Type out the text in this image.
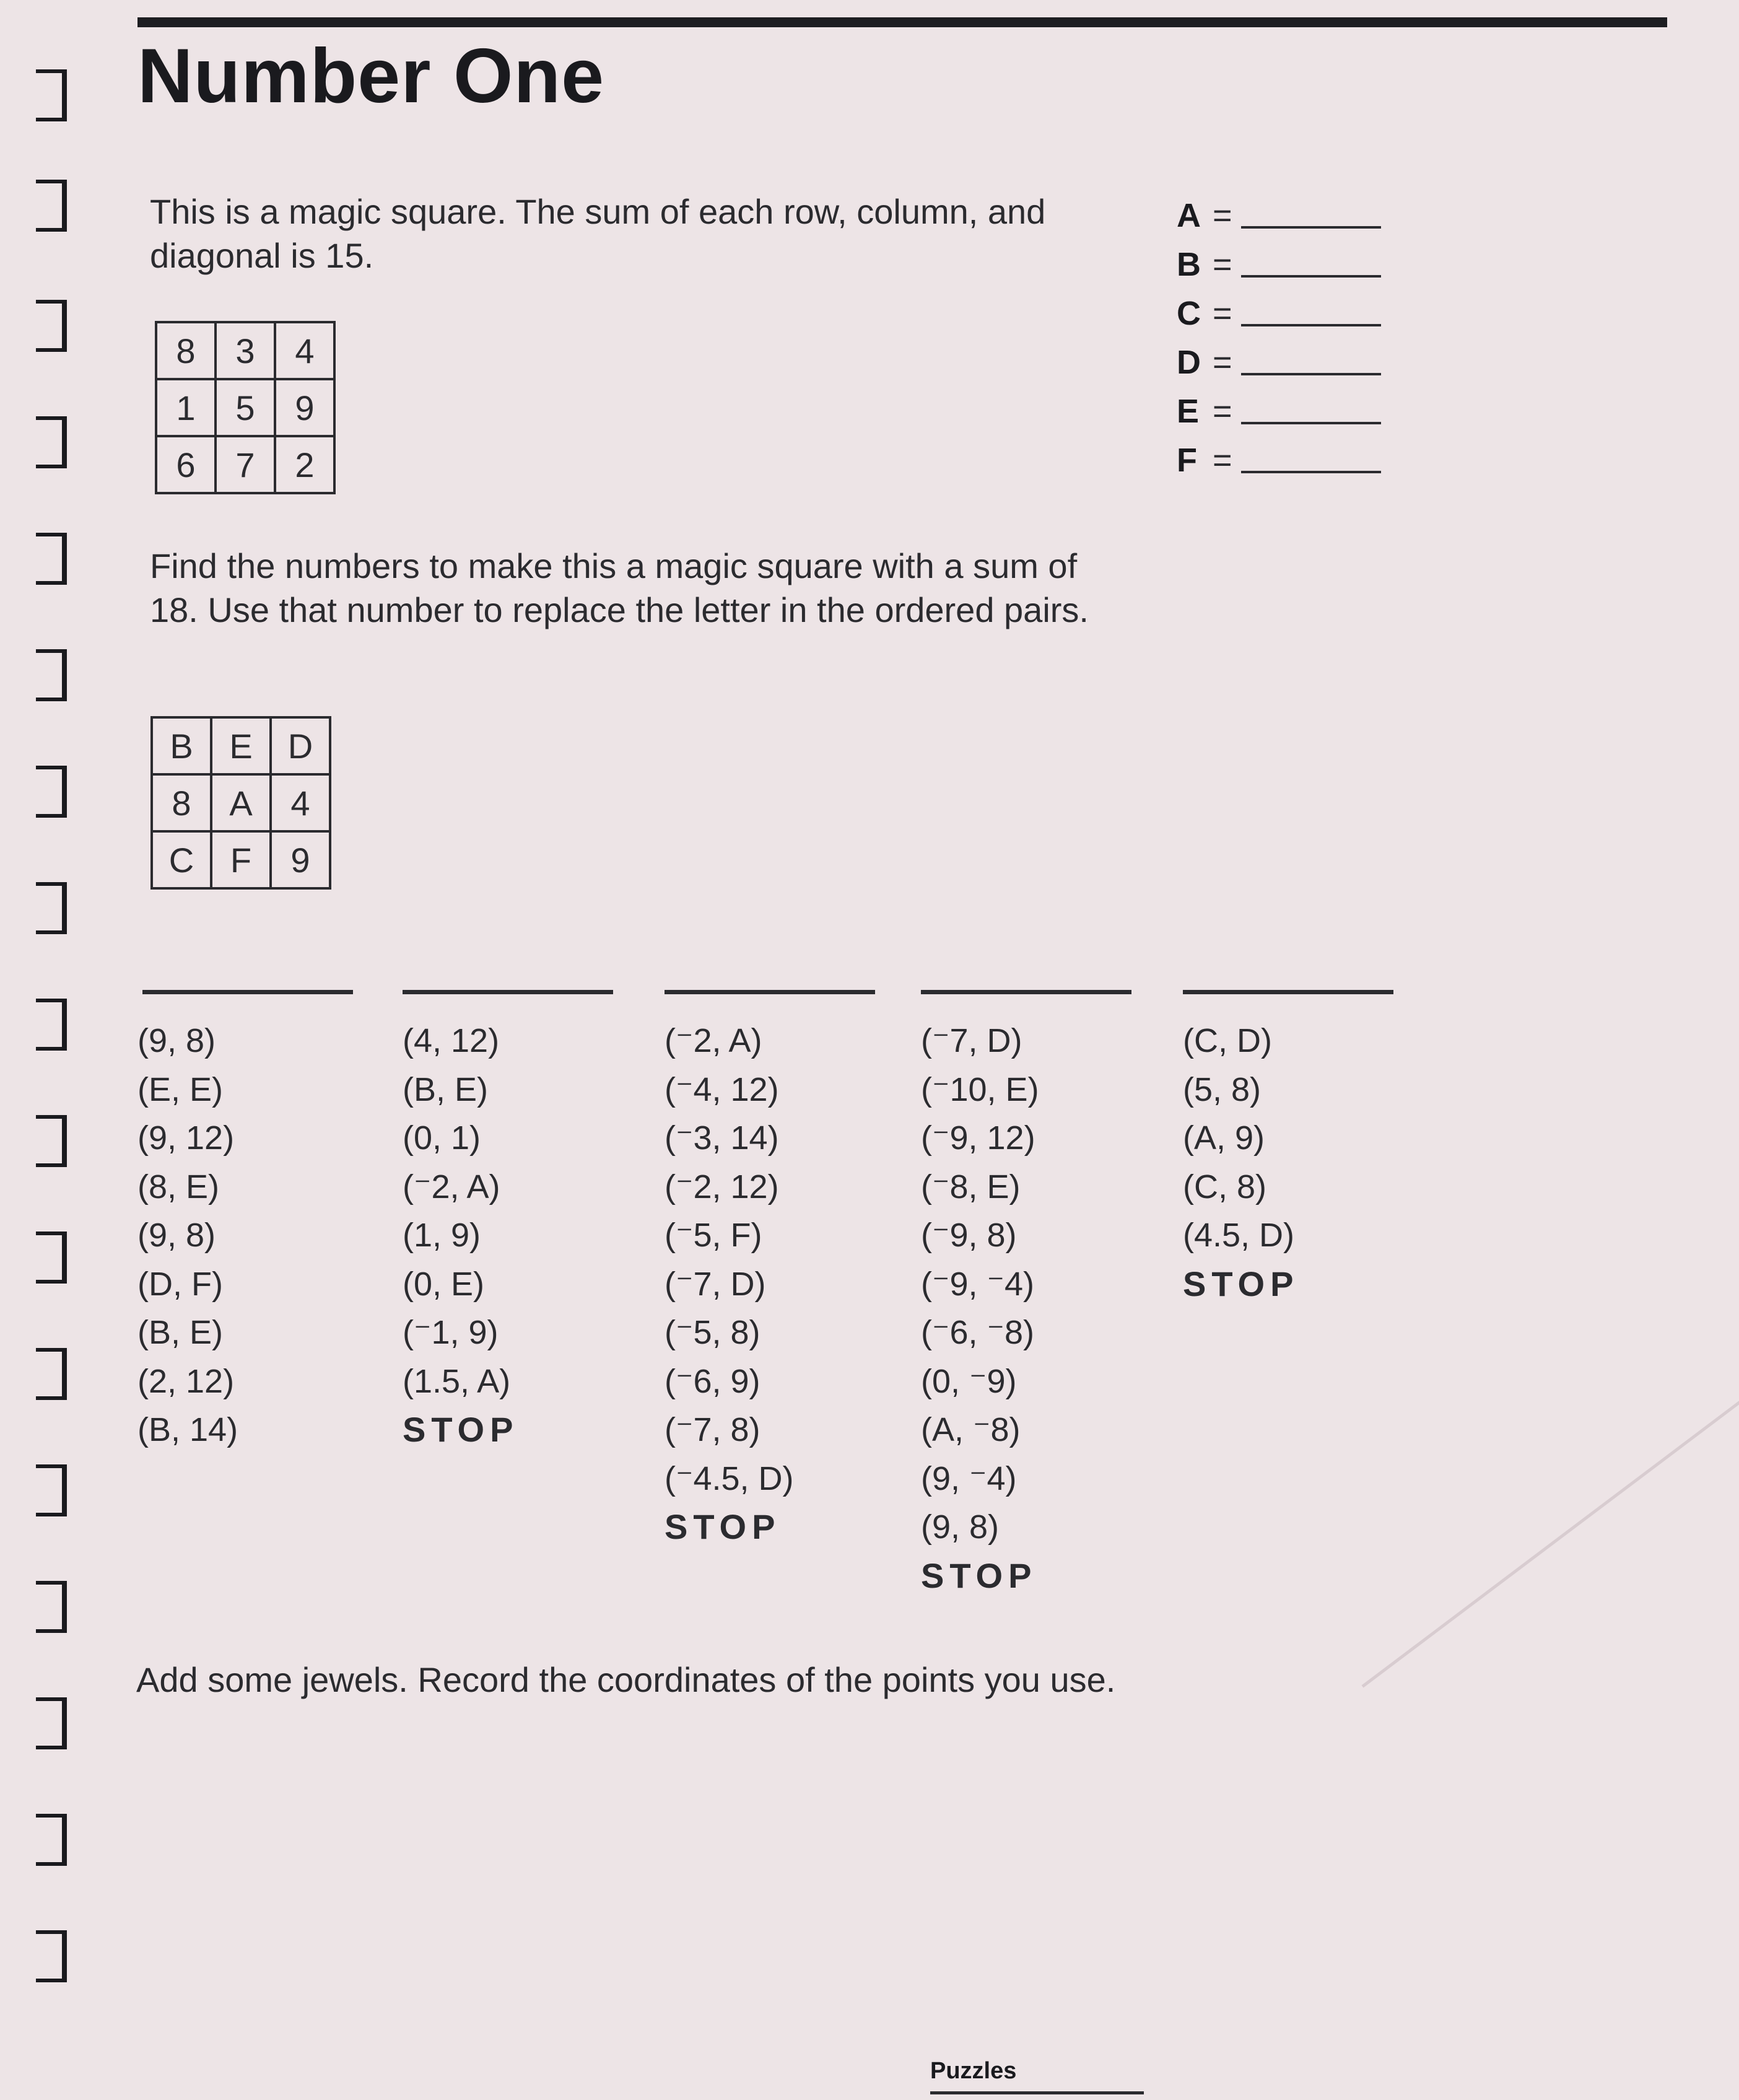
Number One
This is a magic square. The sum of each row, column, and diagonal is 15.
8	3	4
1	5	9
6	7	2
A =
B =
C =
D =
E =
F =
Find the numbers to make this a magic square with a sum of 18. Use that number to replace the letter in the ordered pairs.
B	E	D
8	A	4
C	F	9
(9, 8)
(E, E)
(9, 12)
(8, E)
(9, 8)
(D, F)
(B, E)
(2, 12)
(B, 14)
(4, 12)
(B, E)
(0, 1)
(⁻2, A)
(1, 9)
(0, E)
(⁻1, 9)
(1.5, A)
STOP
(⁻2, A)
(⁻4, 12)
(⁻3, 14)
(⁻2, 12)
(⁻5, F)
(⁻7, D)
(⁻5, 8)
(⁻6, 9)
(⁻7, 8)
(⁻4.5, D)
STOP
(⁻7, D)
(⁻10, E)
(⁻9, 12)
(⁻8, E)
(⁻9, 8)
(⁻9, ⁻4)
(⁻6, ⁻8)
(0, ⁻9)
(A, ⁻8)
(9, ⁻4)
(9, 8)
STOP
(C, D)
(5, 8)
(A, 9)
(C, 8)
(4.5, D)
STOP
Add some jewels. Record the coordinates of the points you use.
Puzzles
